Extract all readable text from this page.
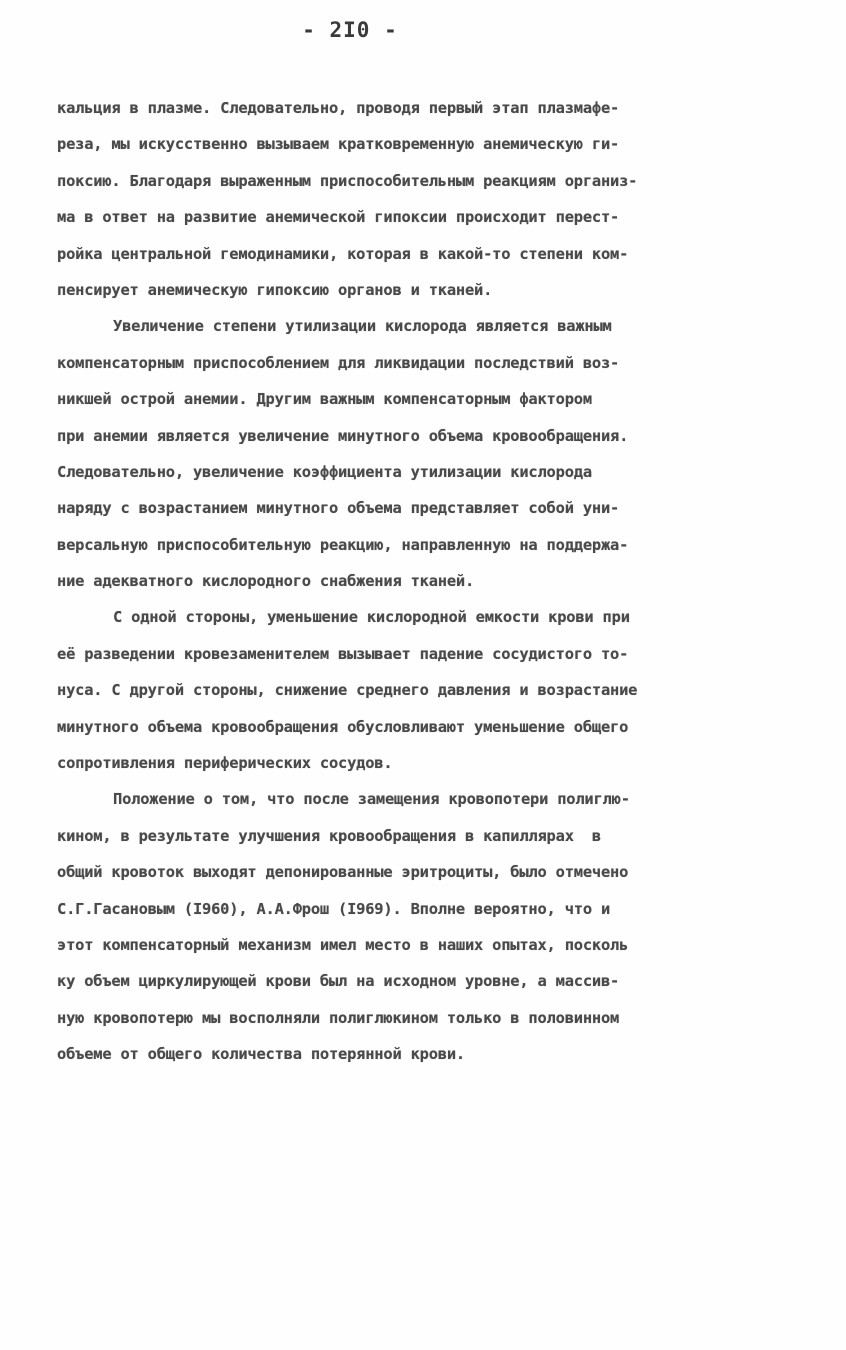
- 2I0 -
кальция в плазме. Следовательно, проводя первый этап плазмафе-
реза, мы искусственно вызываем кратковременную анемическую ги-
поксию. Благодаря выраженным приспособительным реакциям организ-
ма в ответ на развитие анемической гипоксии происходит перест-
ройка центральной гемодинамики, которая в какой-то степени ком-
пенсирует анемическую гипоксию органов и тканей.
Увеличение степени утилизации кислорода является важным
компенсаторным приспособлением для ликвидации последствий воз-
никшей острой анемии. Другим важным компенсаторным фактором
при анемии является увеличение минутного объема кровообращения.
Следовательно, увеличение коэффициента утилизации кислорода
наряду с возрастанием минутного объема представляет собой уни-
версальную приспособительную реакцию, направленную на поддержа-
ние адекватного кислородного снабжения тканей.
С одной стороны, уменьшение кислородной емкости крови при
её разведении кровезаменителем вызывает падение сосудистого то-
нуса. С другой стороны, снижение среднего давления и возрастание
минутного объема кровообращения обусловливают уменьшение общего
сопротивления периферических сосудов.
Положение о том, что после замещения кровопотери полиглю-
кином, в результате улучшения кровообращения в капиллярах  в
общий кровоток выходят депонированные эритроциты, было отмечено
С.Г.Гасановым (I960), А.А.Фрош (I969). Вполне вероятно, что и
этот компенсаторный механизм имел место в наших опытах, посколь
ку объем циркулирующей крови был на исходном уровне, а массив-
ную кровопотерю мы восполняли полиглюкином только в половинном
объеме от общего количества потерянной крови.
